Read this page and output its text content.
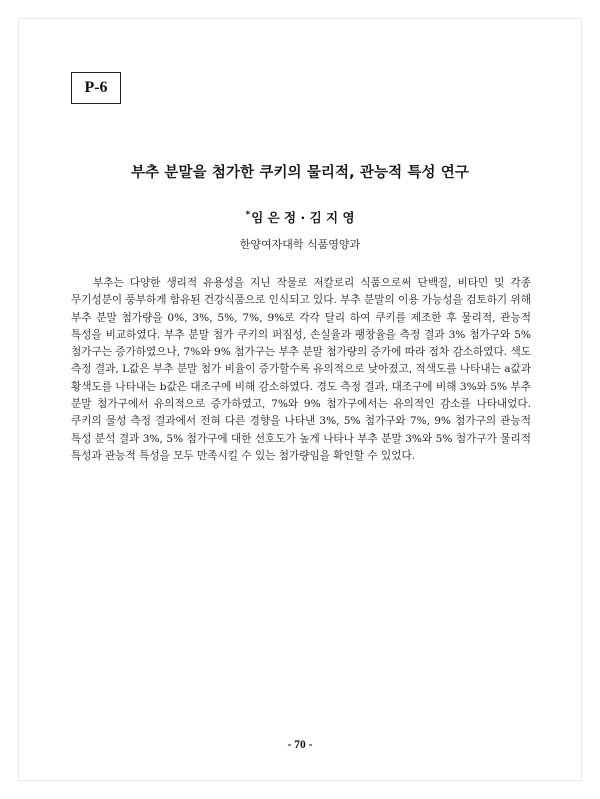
P-6
부추 분말을 첨가한 쿠키의 물리적, 관능적 특성 연구
*임 은 정 · 김 지 영
한양여자대학 식품영양과

부추는 다양한 생리적 유용성을 지닌 작물로 저칼로리 식품으로써 단백질, 비타민 및 각종 무기성분이 풍부하게 함유된 건강식품으로 인식되고 있다. 부추 분말의 이용 가능성을 검토하기 위해 부추 분말 첨가량을 0%, 3%, 5%, 7%, 9%로 각각 달리 하여 쿠키를 제조한 후 물리적, 관능적 특성을 비교하였다. 부추 분말 첨가 쿠키의 퍼짐성, 손실율과 팽창율을 측정 결과 3% 첨가구와 5% 첨가구는 증가하였으나, 7%와 9% 첨가구는 부추 분말 첨가량의 증가에 따라 점차 감소하였다. 색도 측정 결과, L값은 부추 분말 첨가 비율이 증가할수록 유의적으로 낮아졌고, 적색도를 나타내는 a값과 황색도를 나타내는 b값은 대조구에 비해 감소하였다. 경도 측정 결과, 대조구에 비해 3%와 5% 부추 분말 첨가구에서 유의적으로 증가하였고, 7%와 9% 첨가구에서는 유의적인 감소를 나타내었다. 쿠키의 물성 측정 결과에서 전혀 다른 경향을 나타낸 3%, 5% 첨가구와 7%, 9% 첨가구의 관능적 특성 분석 결과 3%, 5% 첨가구에 대한 선호도가 높게 나타나 부추 분말 3%와 5% 첨가구가 물리적 특성과 관능적 특성을 모두 만족시킬 수 있는 첨가량임을 확인할 수 있었다.

- 70 -
